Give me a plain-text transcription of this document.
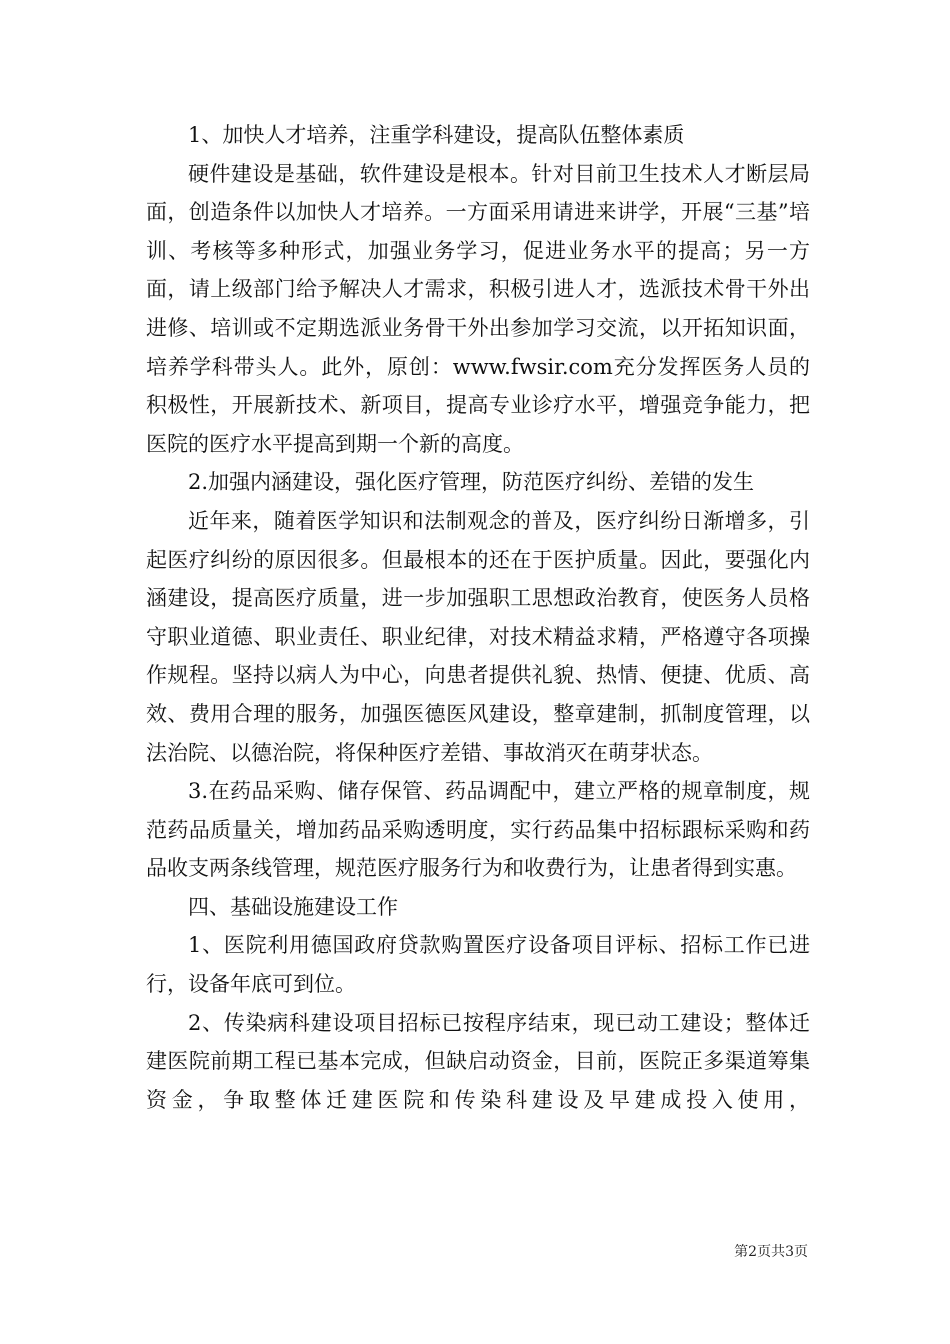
1、加快人才培养，注重学科建设，提高队伍整体素质

硬件建设是基础，软件建设是根本。针对目前卫生技术人才断层局面，创造条件以加快人才培养。一方面采用请进来讲学，开展“三基”培训、考核等多种形式，加强业务学习，促进业务水平的提高；另一方面，请上级部门给予解决人才需求，积极引进人才，选派技术骨干外出进修、培训或不定期选派业务骨干外出参加学习交流，以开拓知识面，培养学科带头人。此外，原创：www.fwsir.com充分发挥医务人员的积极性，开展新技术、新项目，提高专业诊疗水平，增强竞争能力，把医院的医疗水平提高到期一个新的高度。

2.加强内涵建设，强化医疗管理，防范医疗纠纷、差错的发生

近年来，随着医学知识和法制观念的普及，医疗纠纷日渐增多，引起医疗纠纷的原因很多。但最根本的还在于医护质量。因此，要强化内涵建设，提高医疗质量，进一步加强职工思想政治教育，使医务人员格守职业道德、职业责任、职业纪律，对技术精益求精，严格遵守各项操作规程。坚持以病人为中心，向患者提供礼貌、热情、便捷、优质、高效、费用合理的服务，加强医德医风建设，整章建制，抓制度管理，以法治院、以德治院，将保种医疗差错、事故消灭在萌芽状态。

3.在药品采购、储存保管、药品调配中，建立严格的规章制度，规范药品质量关，增加药品采购透明度，实行药品集中招标跟标采购和药品收支两条线管理，规范医疗服务行为和收费行为，让患者得到实惠。

四、基础设施建设工作

1、医院利用德国政府贷款购置医疗设备项目评标、招标工作已进行，设备年底可到位。

2、传染病科建设项目招标已按程序结束，现已动工建设；整体迁建医院前期工程已基本完成，但缺启动资金，目前，医院正多渠道筹集资金，争取整体迁建医院和传染科建设及早建成投入使用，

第2页共3页
